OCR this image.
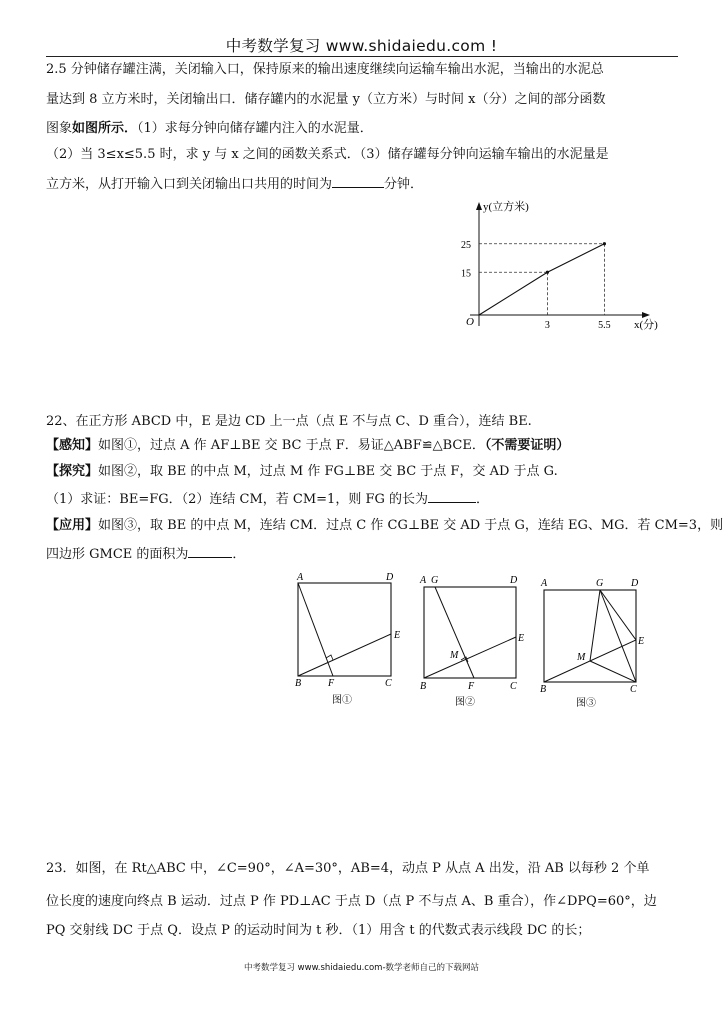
中考数学复习 www.shidaiedu.com !
2.5 分钟储存罐注满，关闭输入口，保持原来的输出速度继续向运输车输出水泥，当输出的水泥总
量达到 8 立方米时，关闭输出口．储存罐内的水泥量 y（立方米）与时间 x（分）之间的部分函数
图象如图所示．（1）求每分钟向储存罐内注入的水泥量．
（2）当 3≤x≤5.5 时，求 y 与 x 之间的函数关系式．（3）储存罐每分钟向运输车输出的水泥量是
立方米，从打开输入口到关闭输出口共用的时间为	分钟．
y(立方米)
x(分)
O
15
3
25
5.5
22、在正方形 ABCD 中，E 是边 CD 上一点（点 E 不与点 C、D 重合），连结 BE.
【感知】如图①，过点 A 作 AF⊥BE 交 BC 于点 F．易证△ABF≌△BCE．（不需要证明）
【探究】如图②，取 BE 的中点 M，过点 M 作 FG⊥BE 交 BC 于点 F，交 AD 于点 G.
（1）求证：BE=FG．（2）连结 CM，若 CM=1，则 FG 的长为	．
【应用】如图③，取 BE 的中点 M，连结 CM．过点 C 作 CG⊥BE 交 AD 于点 G，连结 EG、MG．若 CM=3，则
四边形 GMCE 的面积为	．
A	D
E
B	F	C
图①
A G	D
E
M
B	F	C
图②
A	G	D
E
M
B	C
图③
23．如图，在 Rt△ABC 中，∠C=90°，∠A=30°，AB=4，动点 P 从点 A 出发，沿 AB 以每秒 2 个单
位长度的速度向终点 B 运动．过点 P 作 PD⊥AC 于点 D（点 P 不与点 A、B 重合），作∠DPQ=60°，边
PQ 交射线 DC 于点 Q．设点 P 的运动时间为 t 秒．（1）用含 t 的代数式表示线段 DC 的长；
中考数学复习 www.shidaiedu.com-数学老师自己的下载网站
